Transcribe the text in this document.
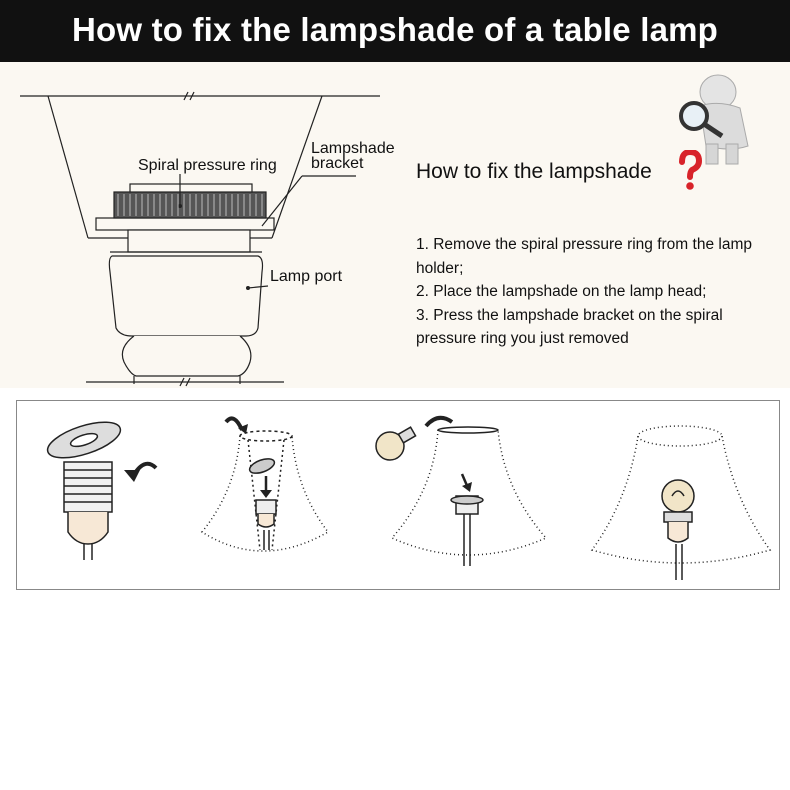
How to fix the lampshade of a table lamp
Spiral pressure ring
Lampshade
bracket
Lamp port
How to fix the lampshade
1. Remove the spiral pressure ring from the lamp holder;
2. Place the lampshade on the lamp head;
3. Press the lampshade bracket on the spiral pressure ring you just removed
